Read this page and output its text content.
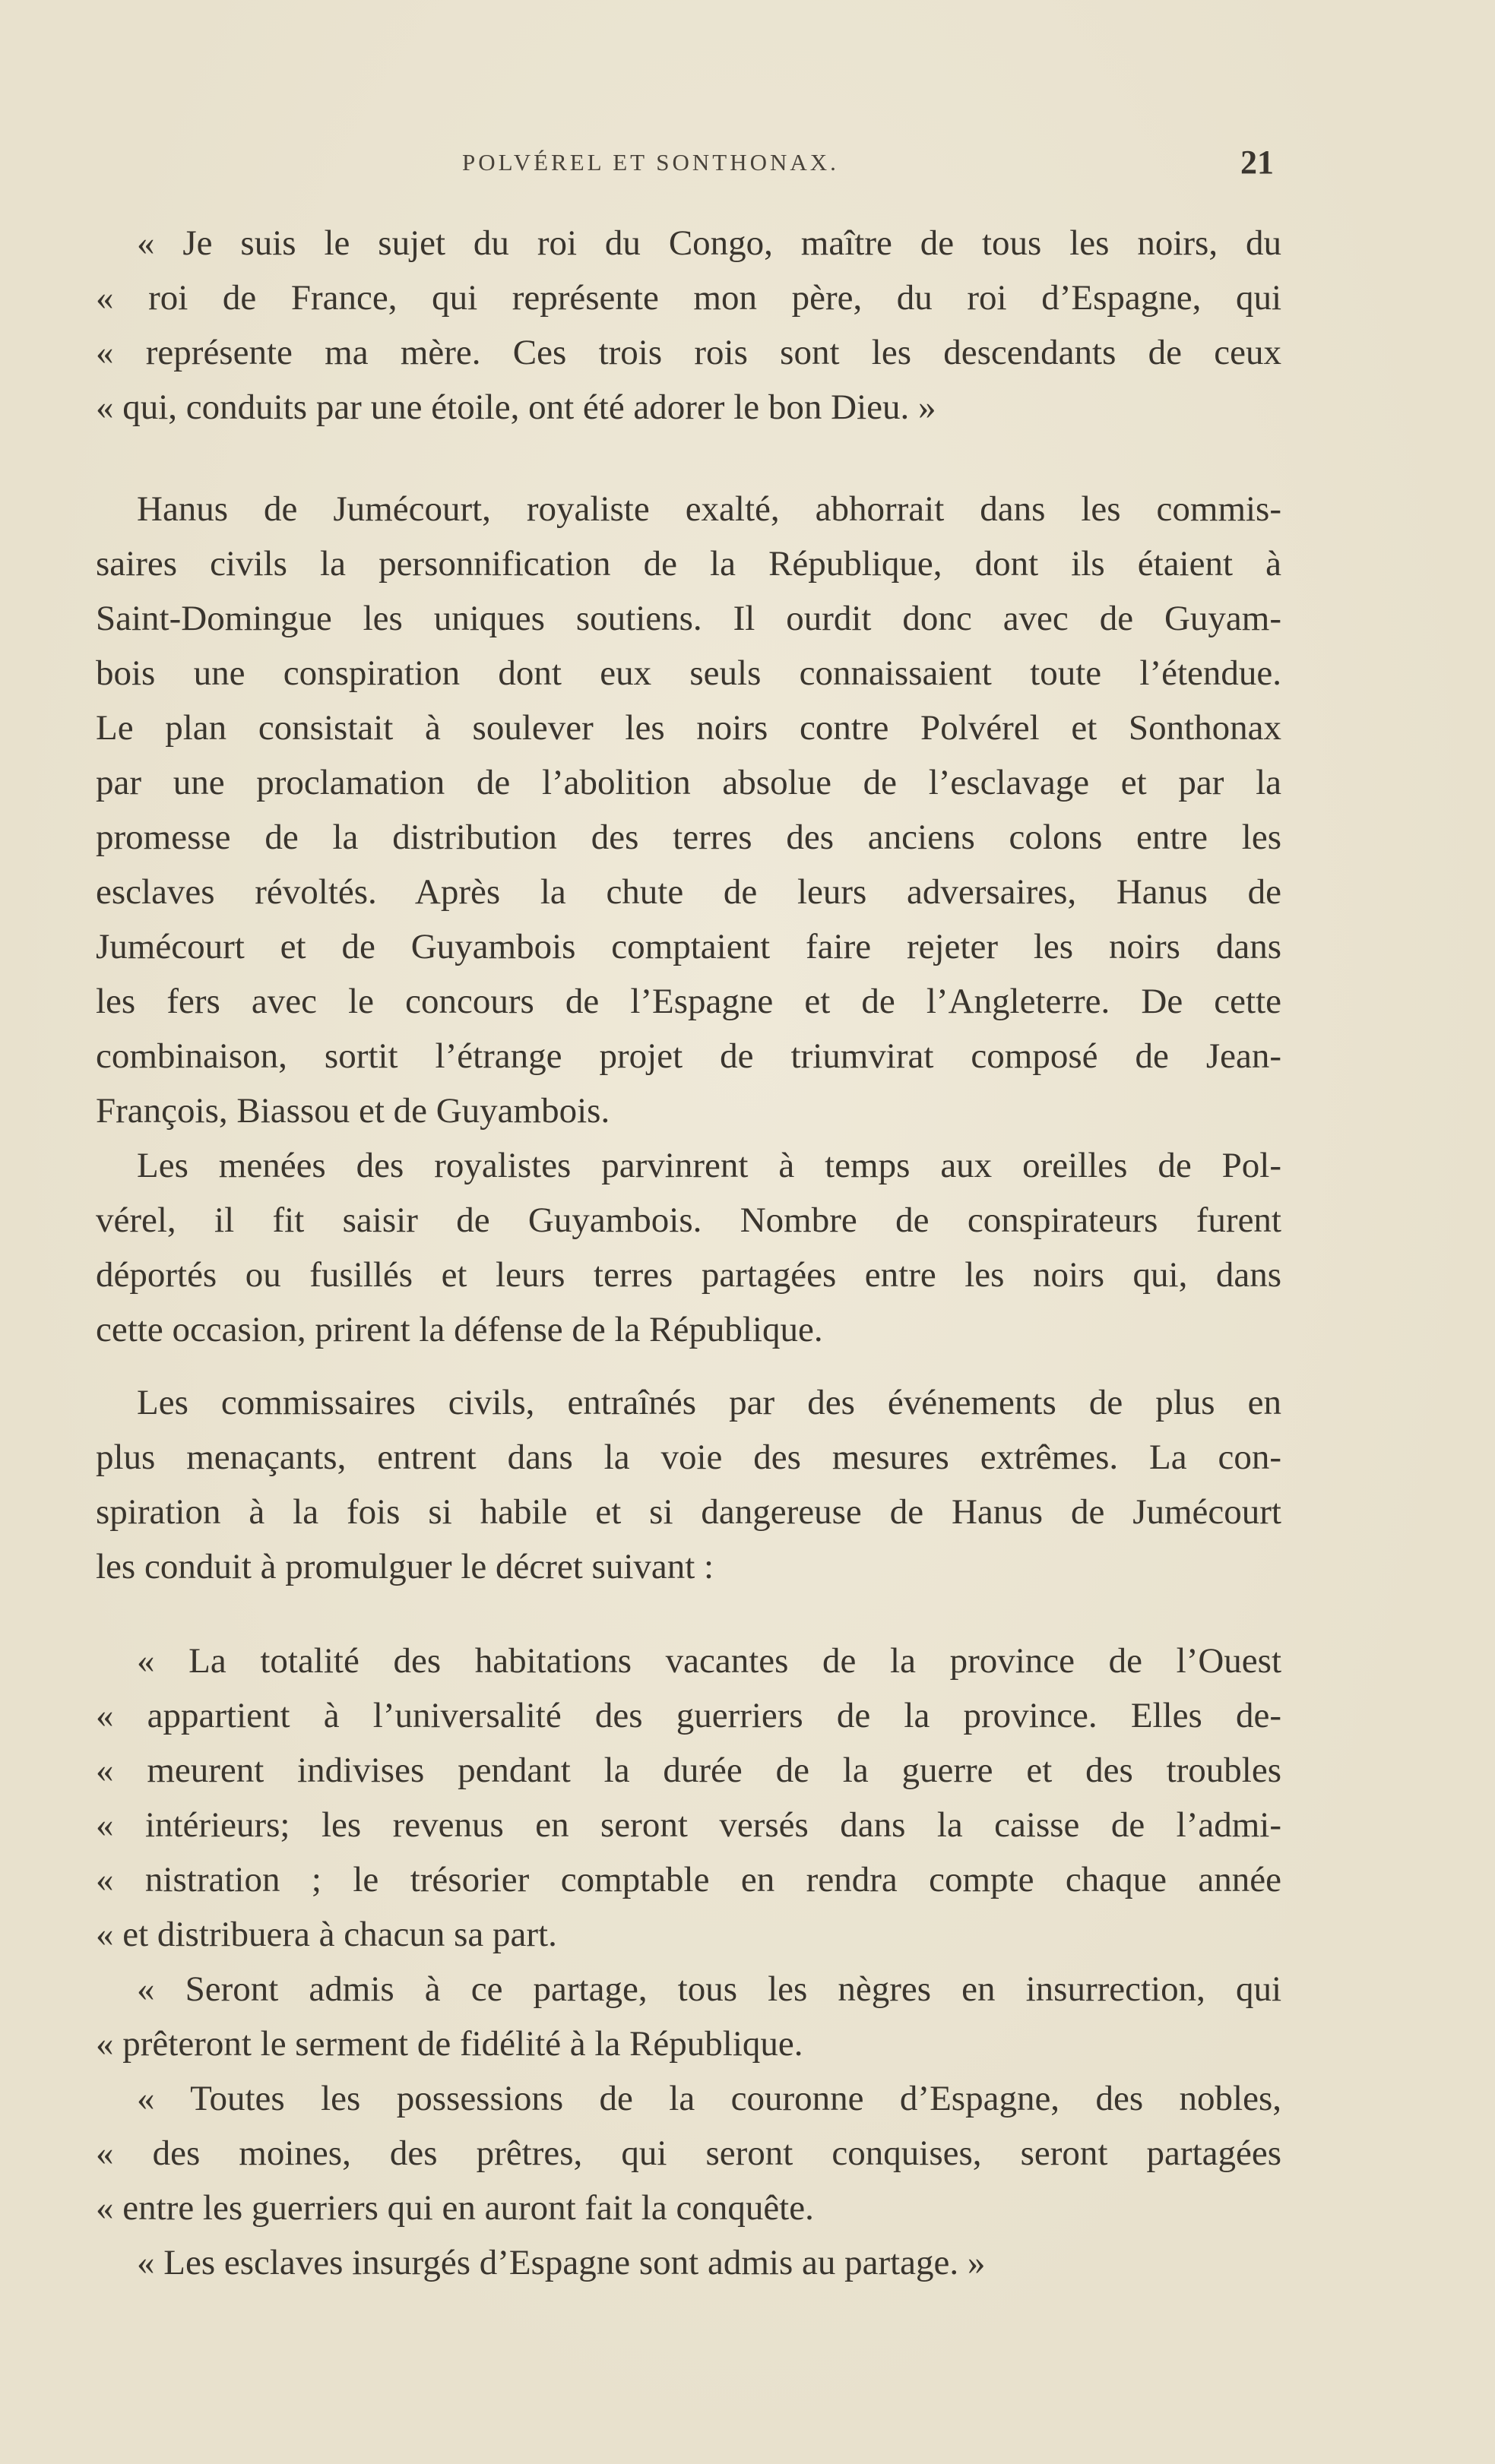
POLVÉREL ET SONTHONAX.	21
« Je suis le sujet du roi du Congo, maître de tous les noirs, du
« roi de France, qui représente mon père, du roi d’Espagne, qui
« représente ma mère. Ces trois rois sont les descendants de ceux
« qui, conduits par une étoile, ont été adorer le bon Dieu. »
Hanus de Jumécourt, royaliste exalté, abhorrait dans les commis-
saires civils la personnification de la République, dont ils étaient à
Saint-Domingue les uniques soutiens. Il ourdit donc avec de Guyam-
bois une conspiration dont eux seuls connaissaient toute l’étendue.
Le plan consistait à soulever les noirs contre Polvérel et Sonthonax
par une proclamation de l’abolition absolue de l’esclavage et par la
promesse de la distribution des terres des anciens colons entre les
esclaves révoltés. Après la chute de leurs adversaires, Hanus de
Jumécourt et de Guyambois comptaient faire rejeter les noirs dans
les fers avec le concours de l’Espagne et de l’Angleterre. De cette
combinaison, sortit l’étrange projet de triumvirat composé de Jean-
François, Biassou et de Guyambois.
Les menées des royalistes parvinrent à temps aux oreilles de Pol-
vérel, il fit saisir de Guyambois. Nombre de conspirateurs furent
déportés ou fusillés et leurs terres partagées entre les noirs qui, dans
cette occasion, prirent la défense de la République.
Les commissaires civils, entraînés par des événements de plus en
plus menaçants, entrent dans la voie des mesures extrêmes. La con-
spiration à la fois si habile et si dangereuse de Hanus de Jumécourt
les conduit à promulguer le décret suivant :
« La totalité des habitations vacantes de la province de l’Ouest
« appartient à l’universalité des guerriers de la province. Elles de-
« meurent indivises pendant la durée de la guerre et des troubles
« intérieurs; les revenus en seront versés dans la caisse de l’admi-
« nistration ; le trésorier comptable en rendra compte chaque année
« et distribuera à chacun sa part.
« Seront admis à ce partage, tous les nègres en insurrection, qui
« prêteront le serment de fidélité à la République.
« Toutes les possessions de la couronne d’Espagne, des nobles,
« des moines, des prêtres, qui seront conquises, seront partagées
« entre les guerriers qui en auront fait la conquête.
« Les esclaves insurgés d’Espagne sont admis au partage. »
